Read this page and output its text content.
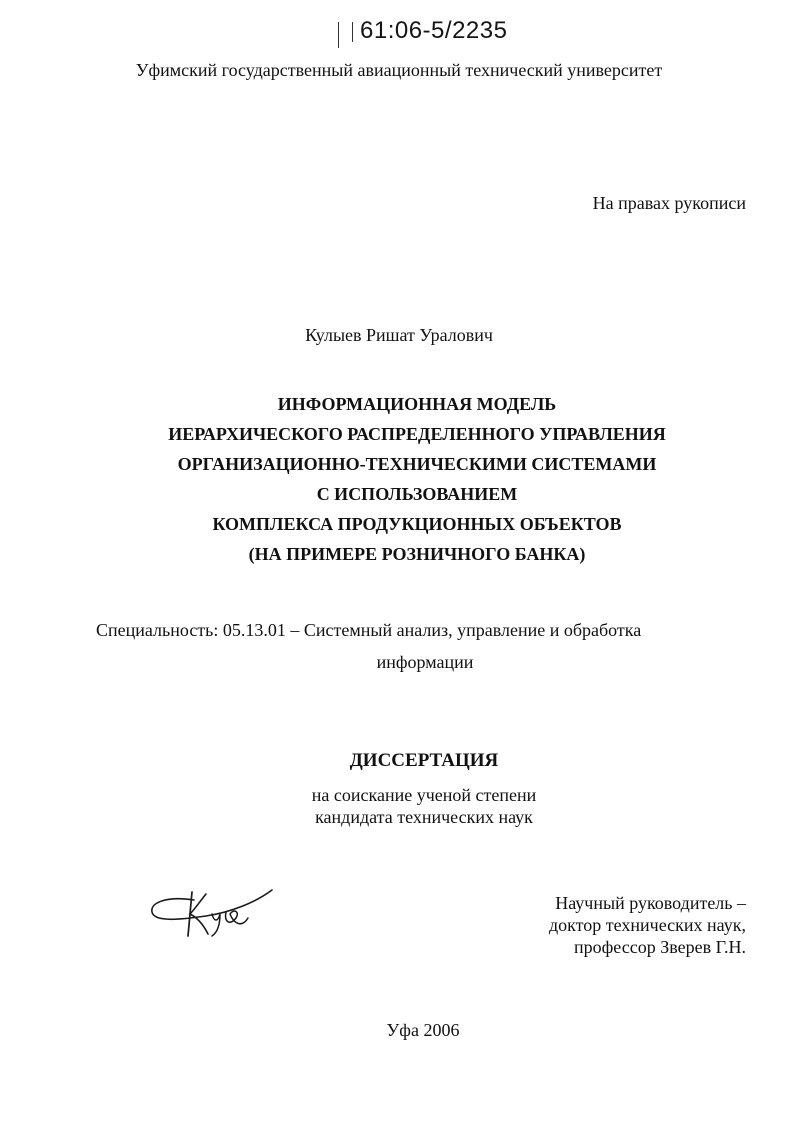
61:06-5/2235
Уфимский государственный авиационный технический университет
На правах рукописи
Кулыев Ришат Уралович
ИНФОРМАЦИОННАЯ МОДЕЛЬ
ИЕРАРХИЧЕСКОГО РАСПРЕДЕЛЕННОГО УПРАВЛЕНИЯ
ОРГАНИЗАЦИОННО-ТЕХНИЧЕСКИМИ СИСТЕМАМИ
С ИСПОЛЬЗОВАНИЕМ
КОМПЛЕКСА ПРОДУКЦИОННЫХ ОБЪЕКТОВ
(НА ПРИМЕРЕ РОЗНИЧНОГО БАНКА)
Специальность: 05.13.01 – Системный анализ, управление и обработка
информации
ДИССЕРТАЦИЯ
на соискание ученой степени
кандидата технических наук
Научный руководитель –
доктор технических наук,
профессор Зверев Г.Н.
Уфа 2006
